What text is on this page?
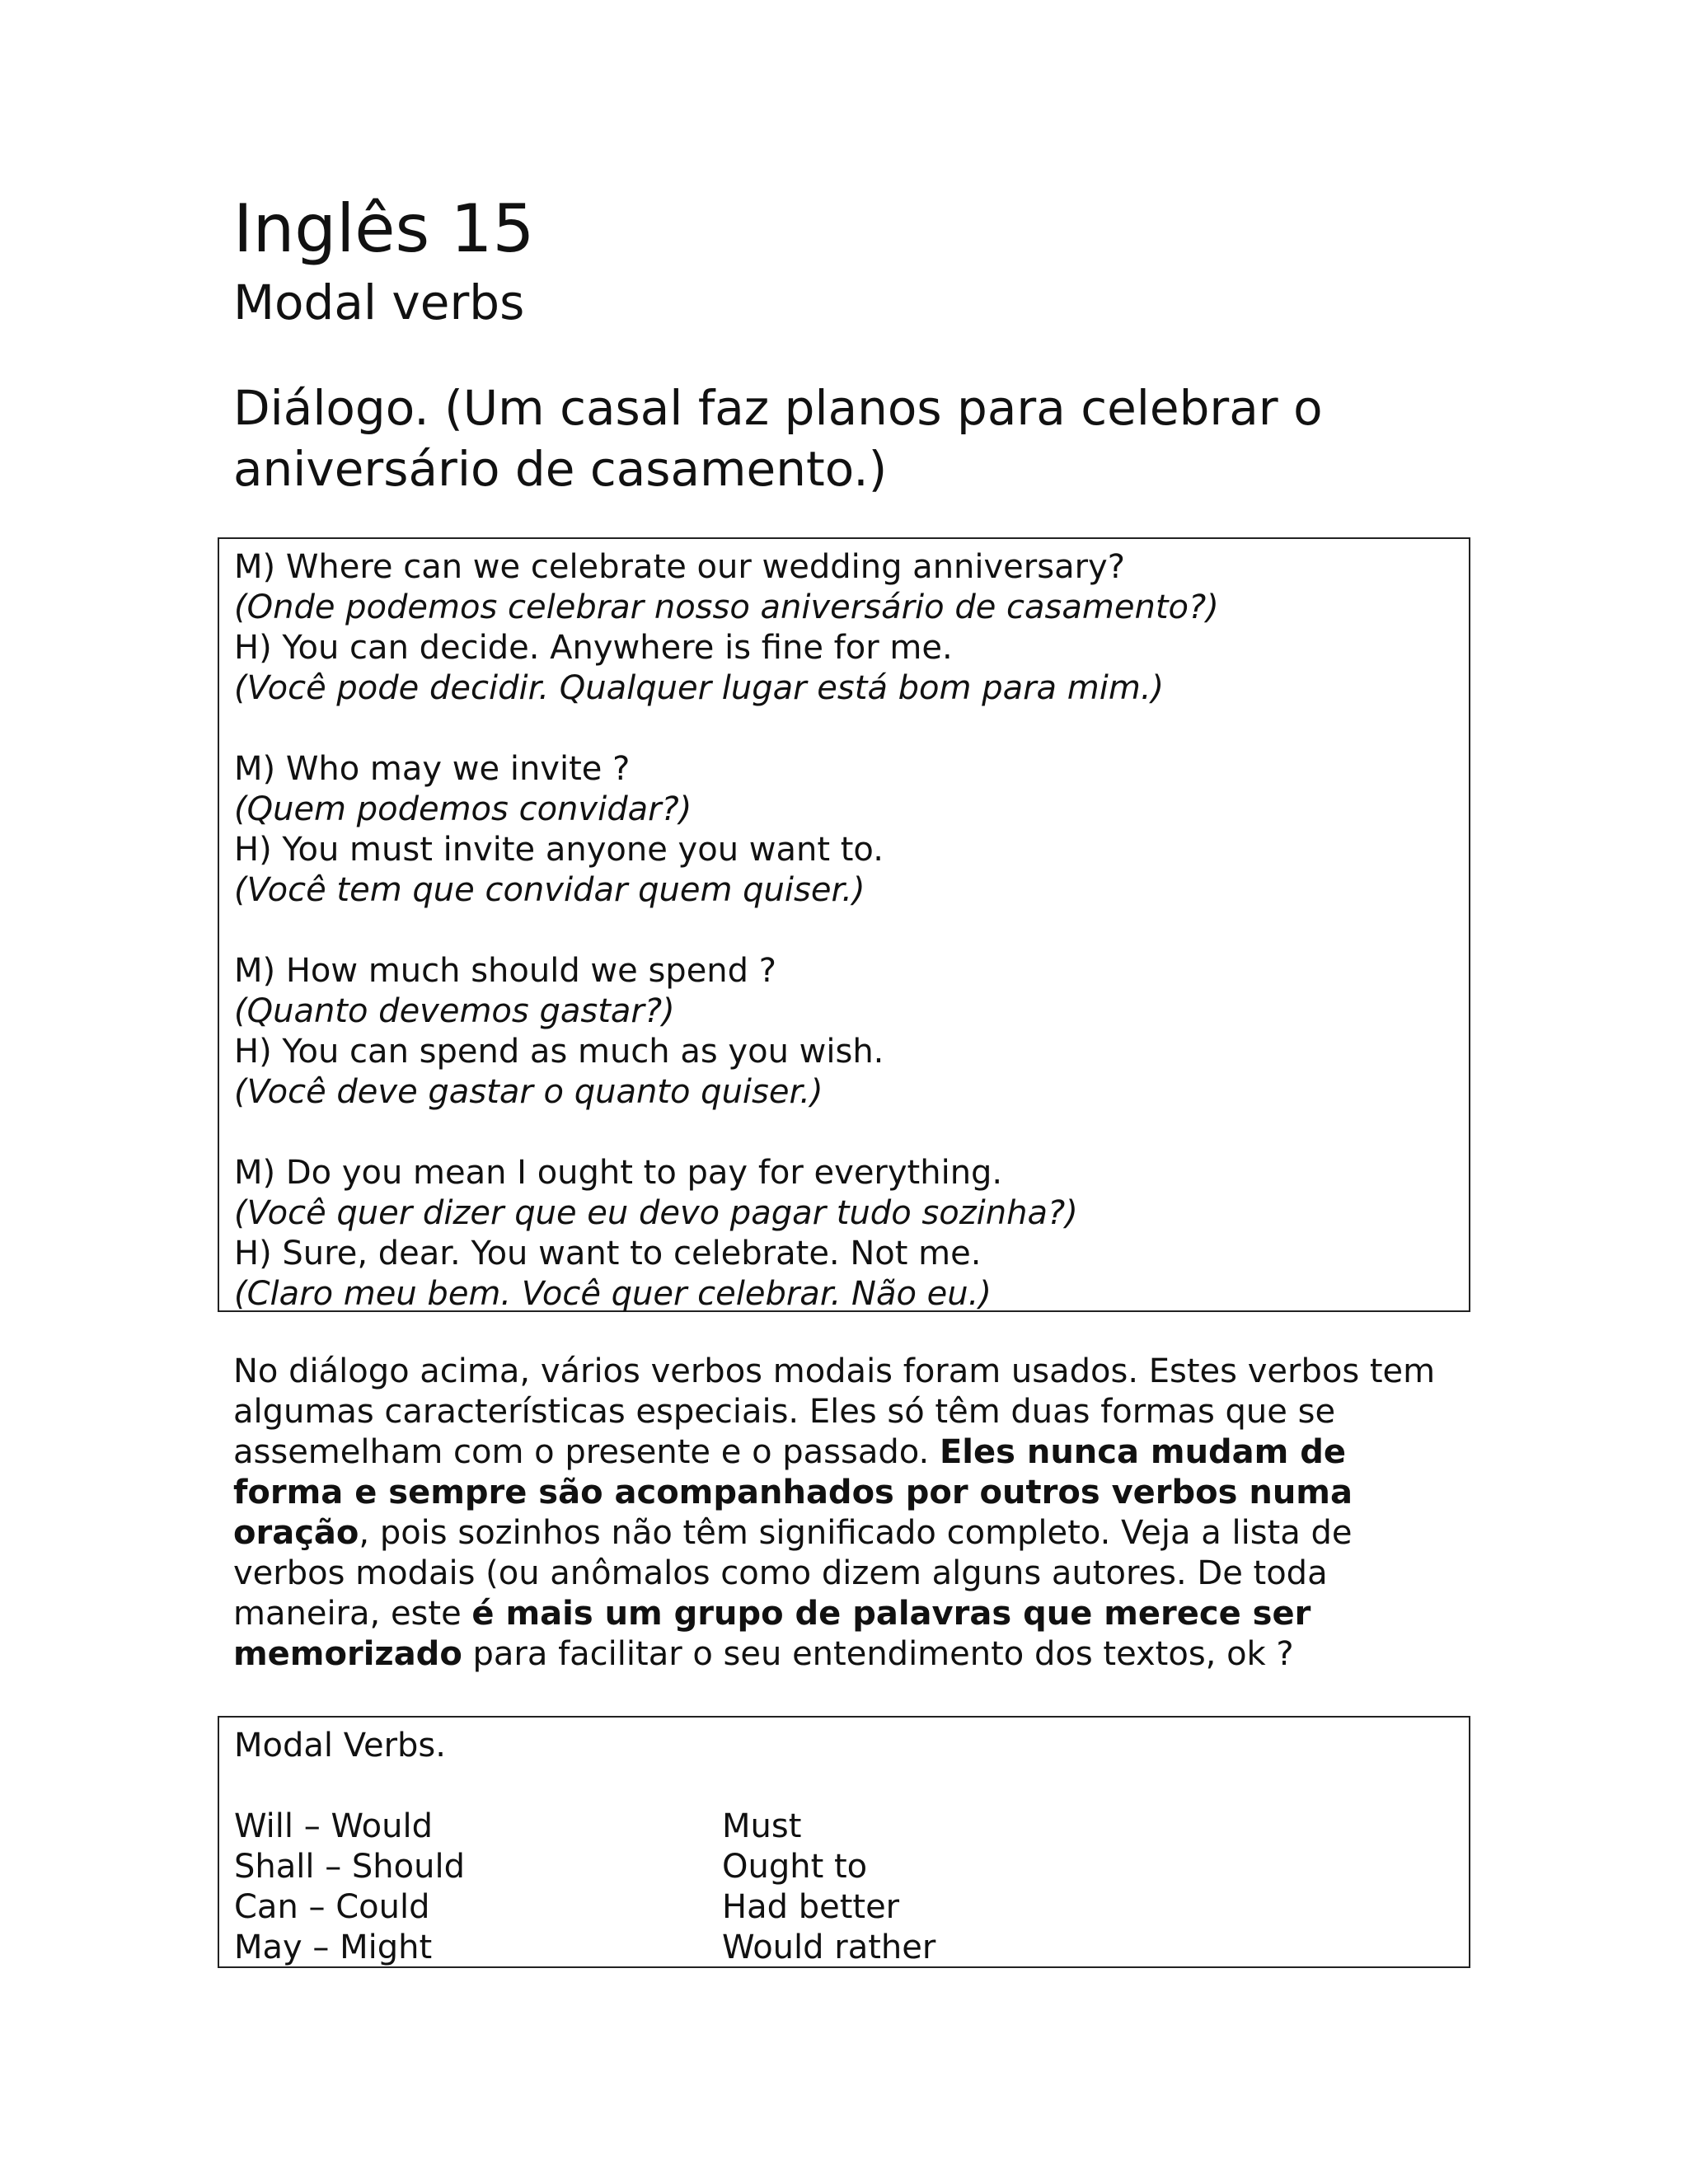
Inglês 15
Modal verbs
Diálogo. (Um casal faz planos para celebrar o
aniversário de casamento.)
M) Where can we celebrate our wedding anniversary?
(Onde podemos celebrar nosso aniversário de casamento?)
H) You can decide. Anywhere is fine for me.
(Você pode decidir. Qualquer lugar está bom para mim.)
M) Who may we invite ?
(Quem podemos convidar?)
H) You must invite anyone you want to.
(Você tem que convidar quem quiser.)
M) How much should we spend ?
(Quanto devemos gastar?)
H) You can spend as much as you wish.
(Você deve gastar o quanto quiser.)
M) Do you mean I ought to pay for everything.
(Você quer dizer que eu devo pagar tudo sozinha?)
H) Sure, dear. You want to celebrate. Not me.
(Claro meu bem. Você quer celebrar. Não eu.)
No diálogo acima, vários verbos modais foram usados. Estes verbos tem
algumas características especiais. Eles só têm duas formas que se
assemelham com o presente e o passado. Eles nunca mudam de
forma e sempre são acompanhados por outros verbos numa
oração, pois sozinhos não têm significado completo. Veja a lista de
verbos modais (ou anômalos como dizem alguns autores. De toda
maneira, este é mais um grupo de palavras que merece ser
memorizado para facilitar o seu entendimento dos textos, ok ?
Modal Verbs.
Will – Would	Must
Shall – Should	Ought to
Can – Could	Had better
May – Might	Would rather
